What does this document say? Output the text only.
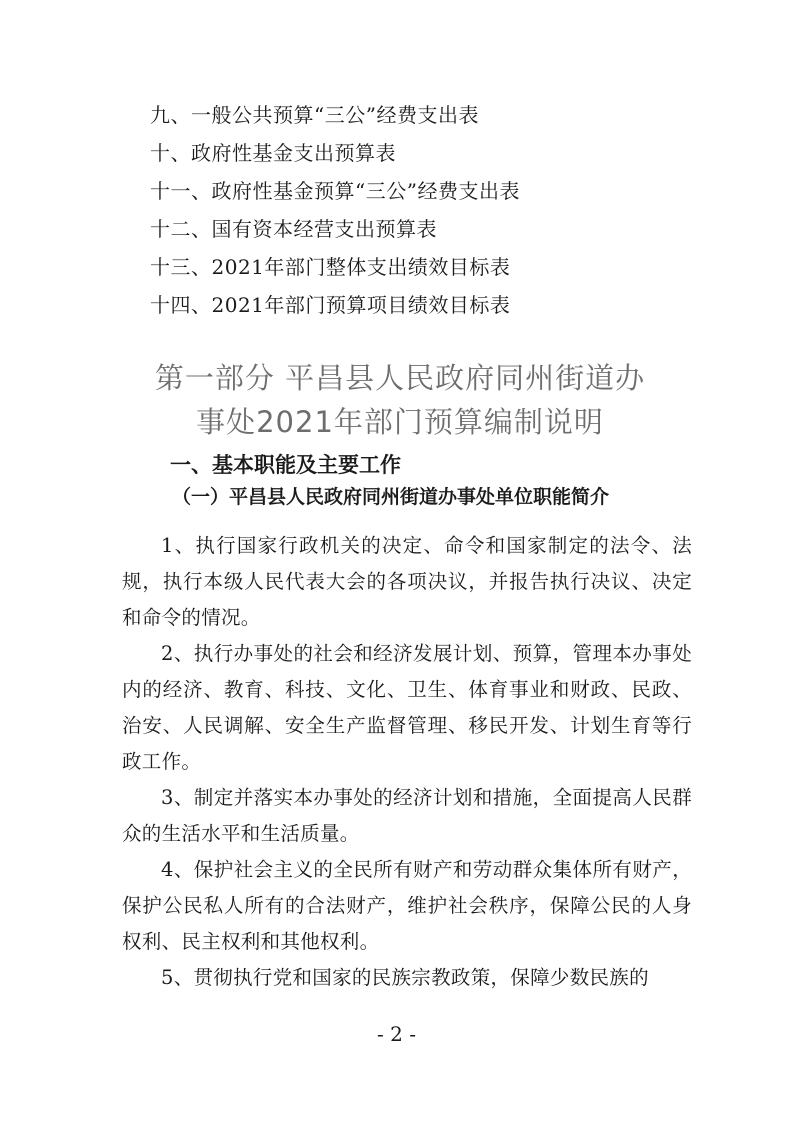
九、一般公共预算“三公”经费支出表
十、政府性基金支出预算表
十一、政府性基金预算“三公”经费支出表
十二、国有资本经营支出预算表
十三、2021年部门整体支出绩效目标表
十四、2021年部门预算项目绩效目标表
第一部分 平昌县人民政府同州街道办
事处2021年部门预算编制说明
一、基本职能及主要工作
（一）平昌县人民政府同州街道办事处单位职能简介

1、执行国家行政机关的决定、命令和国家制定的法令、法规，执行本级人民代表大会的各项决议，并报告执行决议、决定和命令的情况。

2、执行办事处的社会和经济发展计划、预算，管理本办事处内的经济、教育、科技、文化、卫生、体育事业和财政、民政、治安、人民调解、安全生产监督管理、移民开发、计划生育等行政工作。

3、制定并落实本办事处的经济计划和措施，全面提高人民群众的生活水平和生活质量。

4、保护社会主义的全民所有财产和劳动群众集体所有财产，保护公民私人所有的合法财产，维护社会秩序，保障公民的人身权利、民主权利和其他权利。

5、贯彻执行党和国家的民族宗教政策，保障少数民族的

- 2 -
